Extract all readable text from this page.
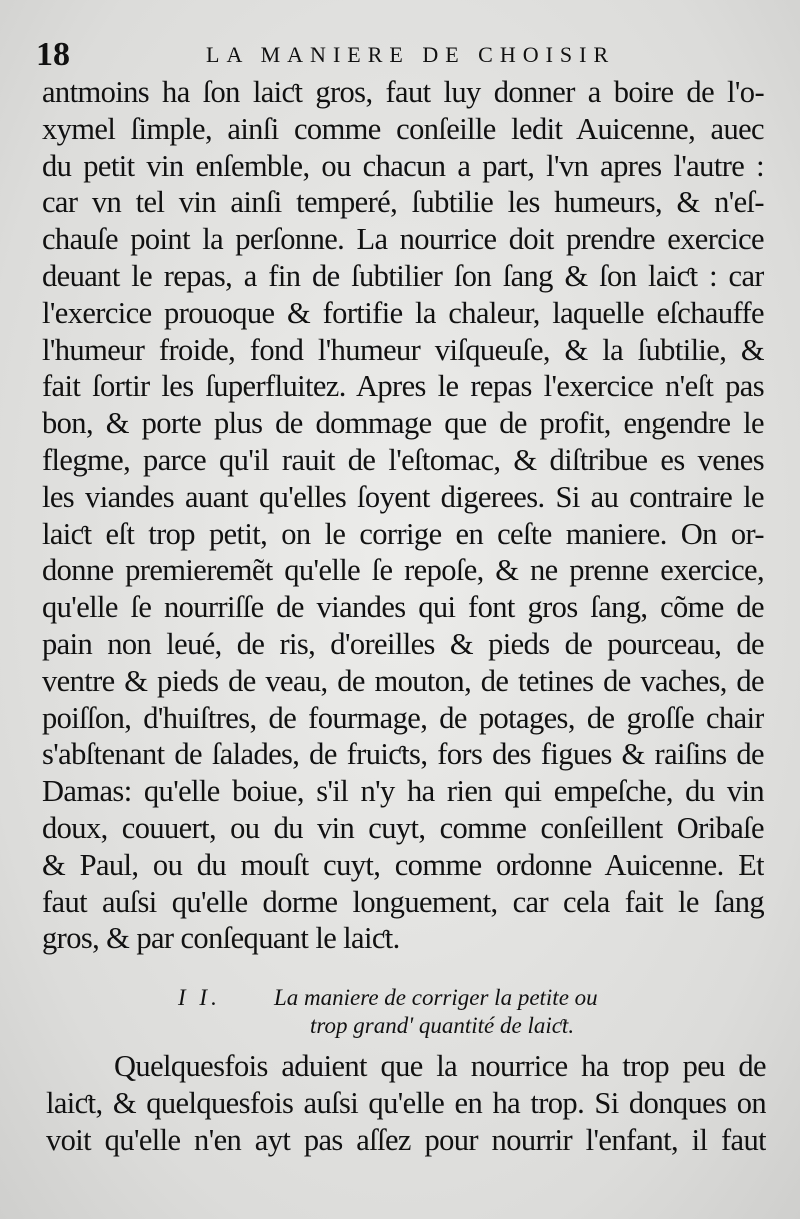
18	LA MANIERE DE CHOISIR
antmoins ha ſon laiƈt gros, faut luy donner a boire de l'o-
xymel ſimple, ainſi comme conſeille ledit Auicenne, auec
du petit vin enſemble, ou chacun a part, l'vn apres l'autre :
car vn tel vin ainſi temperé, ſubtilie les humeurs, & n'eſ-
chauſe point la perſonne. La nourrice doit prendre exercice
deuant le repas, a fin de ſubtilier ſon ſang & ſon laiƈt : car
l'exercice prouoque & fortifie la chaleur, laquelle eſchauffe
l'humeur froide, fond l'humeur viſqueuſe, & la ſubtilie, &
fait ſortir les ſuperfluitez. Apres le repas l'exercice n'eſt pas
bon, & porte plus de dommage que de profit, engendre le
flegme, parce qu'il rauit de l'eſtomac, & diſtribue es venes
les viandes auant qu'elles ſoyent digerees. Si au contraire le
laiƈt eſt trop petit, on le corrige en ceſte maniere. On or-
donne premieremẽt qu'elle ſe repoſe, & ne prenne exercice,
qu'elle ſe nourriſſe de viandes qui font gros ſang, cõme de
pain non leué, de ris, d'oreilles & pieds de pourceau, de
ventre & pieds de veau, de mouton, de tetines de vaches, de
poiſſon, d'huiſtres, de fourmage, de potages, de groſſe chair
s'abſtenant de ſalades, de fruiƈts, fors des figues & raiſins de
Damas: qu'elle boiue, s'il n'y ha rien qui empeſche, du vin
doux, couuert, ou du vin cuyt, comme conſeillent Oribaſe
& Paul, ou du mouſt cuyt, comme ordonne Auicenne. Et
faut auſsi qu'elle dorme longuement, car cela fait le ſang
gros, & par conſequant le laiƈt.
I I. La maniere de corriger la petite ou
trop grand' quantité de laiƈt.
Quelquesfois aduient que la nourrice ha trop peu de
laiƈt, & quelquesfois auſsi qu'elle en ha trop. Si donques on
voit qu'elle n'en ayt pas aſſez pour nourrir l'enfant, il faut
